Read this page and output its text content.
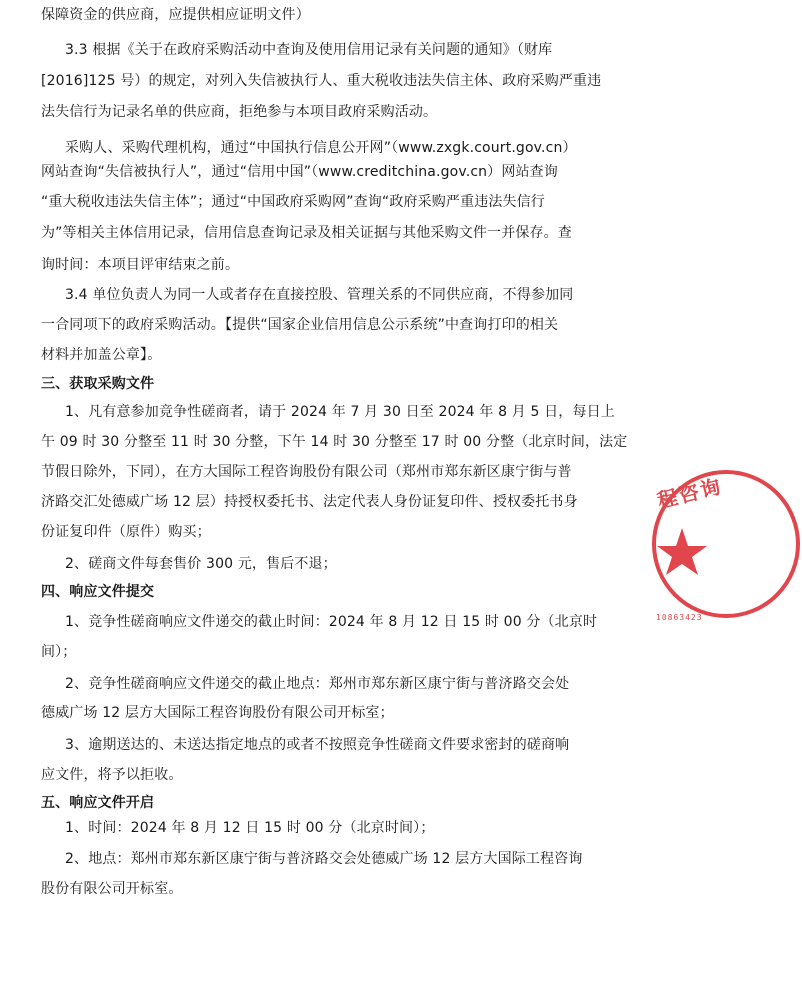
保障资金的供应商，应提供相应证明文件）
3.3 根据《关于在政府采购活动中查询及使用信用记录有关问题的通知》（财库
[2016]125 号）的规定，对列入失信被执行人、重大税收违法失信主体、政府采购严重违
法失信行为记录名单的供应商，拒绝参与本项目政府采购活动。
采购人、采购代理机构，通过“中国执行信息公开网”（www.zxgk.court.gov.cn）
网站查询“失信被执行人”，通过“信用中国”（www.creditchina.gov.cn）网站查询
“重大税收违法失信主体”；通过“中国政府采购网”查询“政府采购严重违法失信行
为”等相关主体信用记录，信用信息查询记录及相关证据与其他采购文件一并保存。查
询时间：本项目评审结束之前。
3.4 单位负责人为同一人或者存在直接控股、管理关系的不同供应商，不得参加同
一合同项下的政府采购活动。【提供“国家企业信用信息公示系统”中查询打印的相关
材料并加盖公章】。
三、获取采购文件
1、凡有意参加竞争性磋商者，请于 2024 年 7 月 30 日至 2024 年 8 月 5 日，每日上
午 09 时 30 分整至 11 时 30 分整，下午 14 时 30 分整至 17 时 00 分整（北京时间，法定
节假日除外，下同），在方大国际工程咨询股份有限公司（郑州市郑东新区康宁街与普
济路交汇处德威广场 12 层）持授权委托书、法定代表人身份证复印件、授权委托书身
份证复印件（原件）购买；
2、磋商文件每套售价 300 元，售后不退；
四、响应文件提交
1、竞争性磋商响应文件递交的截止时间：2024 年 8 月 12 日 15 时 00 分（北京时
间）；
2、竞争性磋商响应文件递交的截止地点：郑州市郑东新区康宁街与普济路交会处
德威广场 12 层方大国际工程咨询股份有限公司开标室；
3、逾期送达的、未送达指定地点的或者不按照竞争性磋商文件要求密封的磋商响
应文件，将予以拒收。
五、响应文件开启
1、时间：2024 年 8 月 12 日 15 时 00 分（北京时间）；
2、地点：郑州市郑东新区康宁街与普济路交会处德威广场 12 层方大国际工程咨询
股份有限公司开标室。
程咨询
10863423
